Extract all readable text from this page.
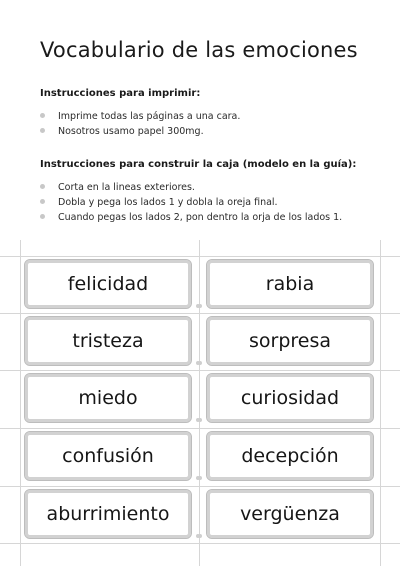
Vocabulario de las emociones
Instrucciones para imprimir:
Imprime todas las páginas a una cara.
Nosotros usamo papel 300mg.
Instrucciones para construir la caja (modelo en la guía):
Corta en la lineas exteriores.
Dobla y pega los lados 1 y dobla la oreja final.
Cuando pegas los lados 2, pon dentro la orja de los lados 1.
felicidad	rabia
tristeza	sorpresa
miedo	curiosidad
confusión	decepción
aburrimiento	vergüenza
